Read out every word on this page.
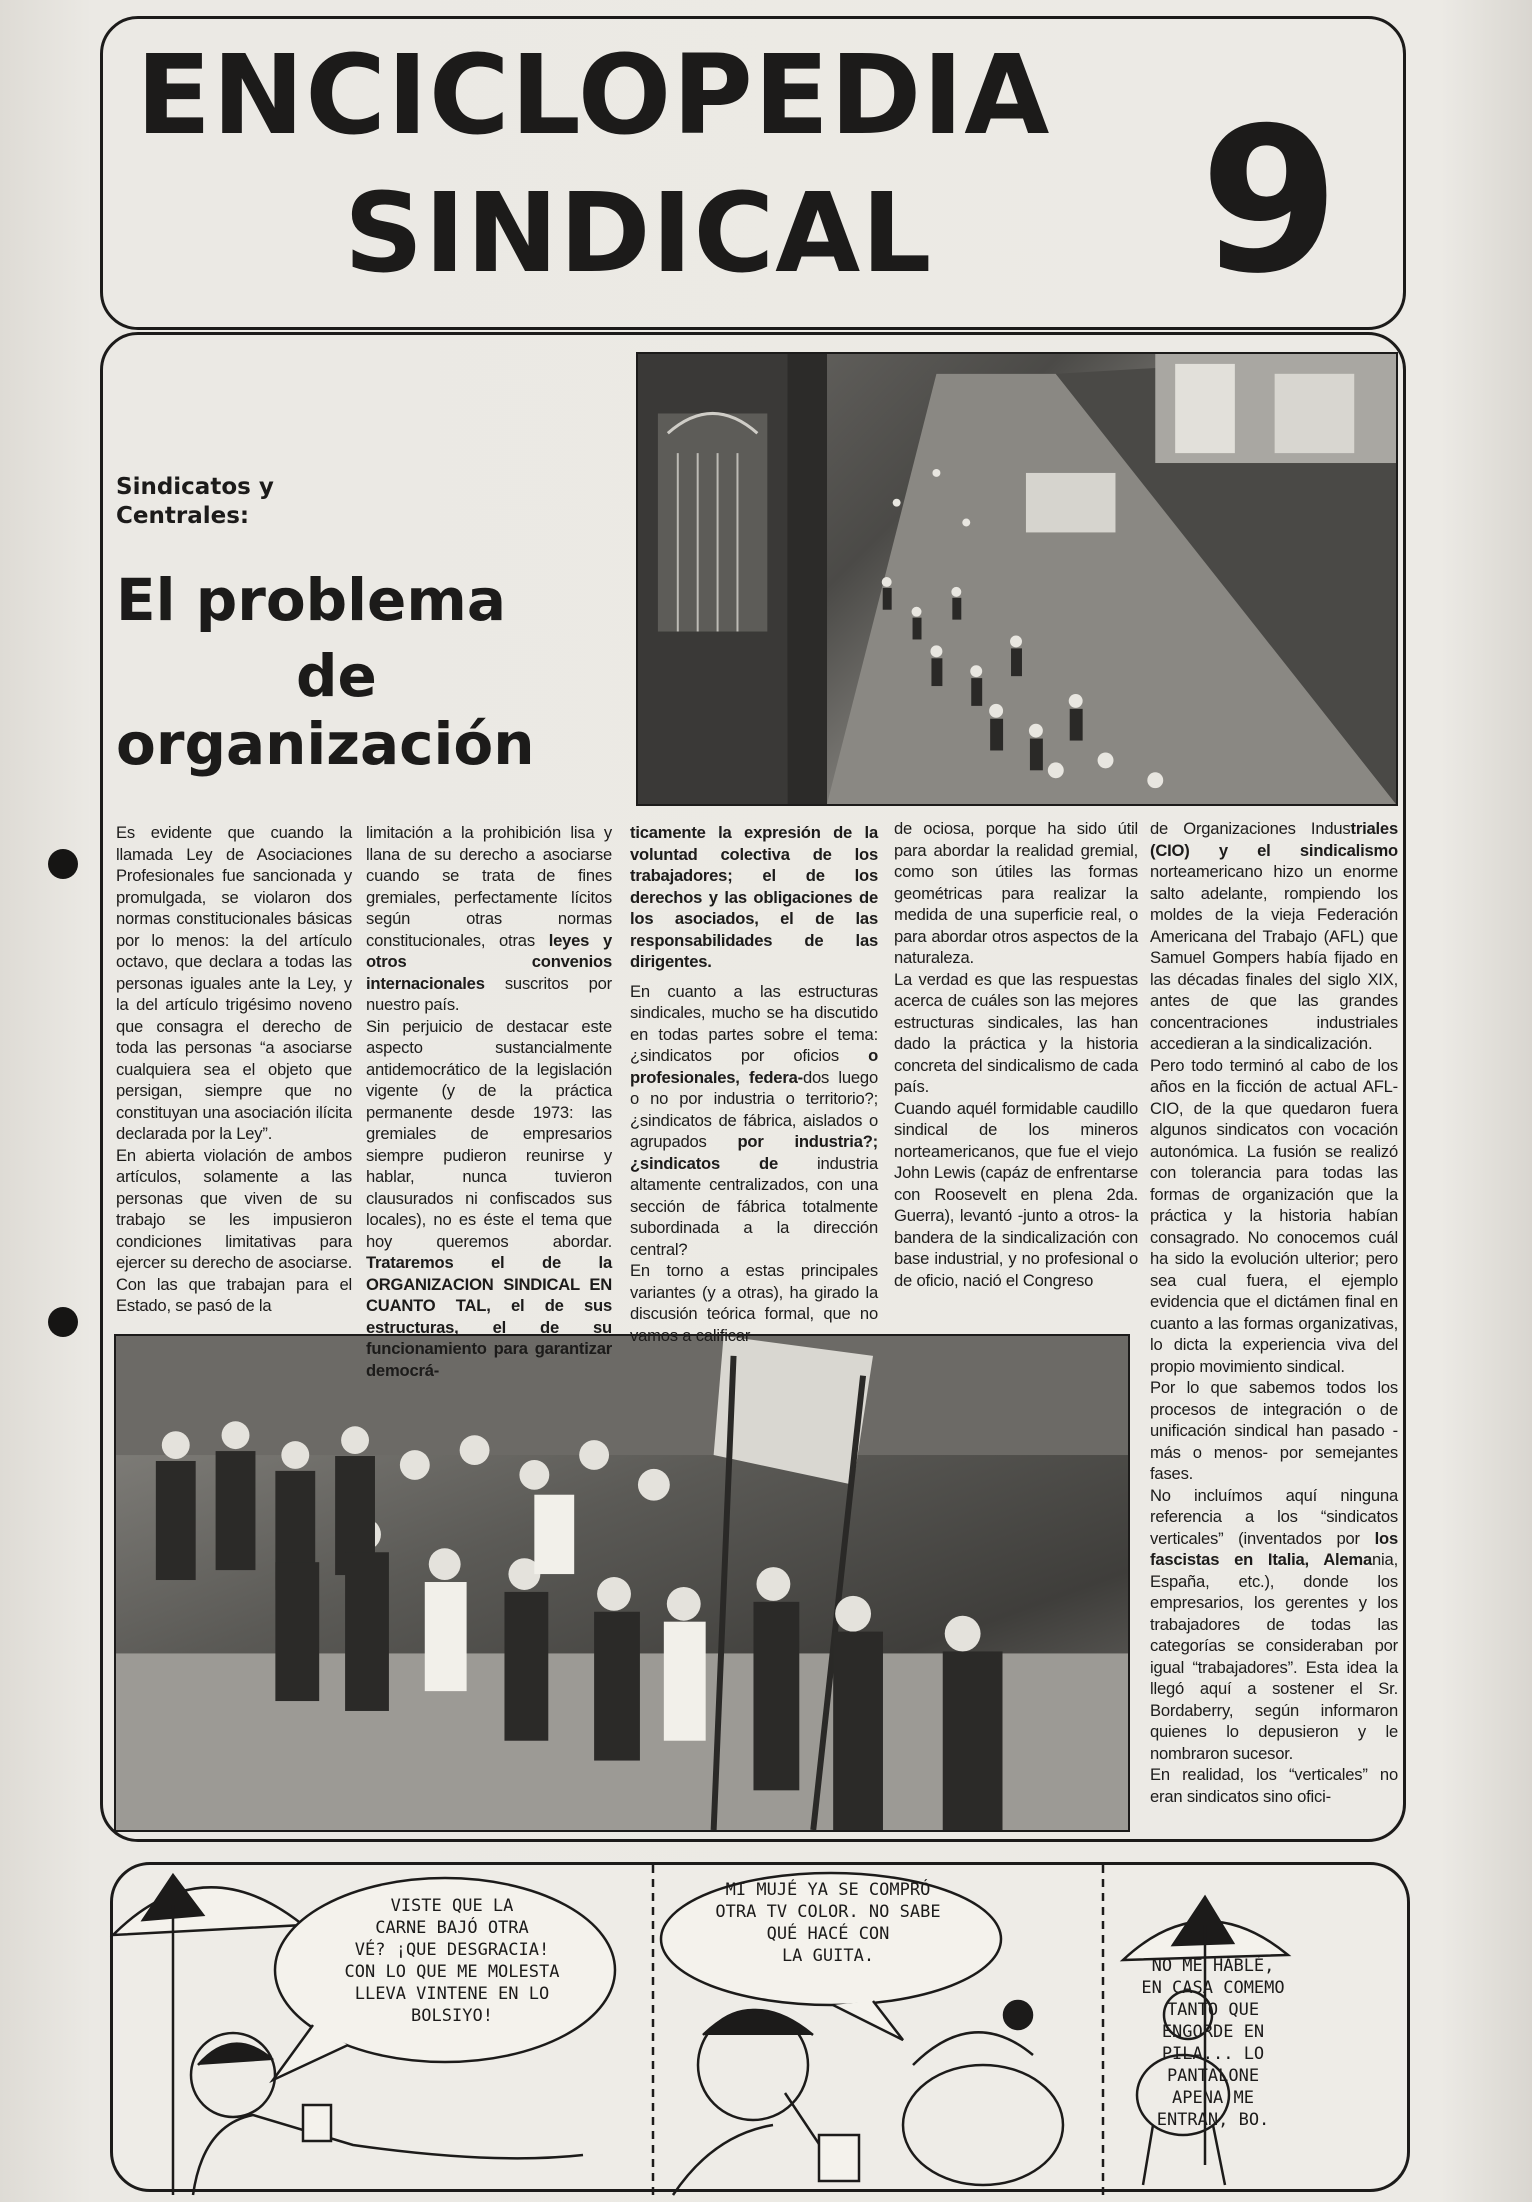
ENCICLOPEDIA
SINDICAL 9
Sindicatos y
Centrales:
El problema
de
organización

Es evidente que cuando la llamada Ley de Asociaciones Profesionales fue sancionada y promulgada, se violaron dos normas constitucionales básicas por lo menos: la del artículo octavo, que declara a todas las personas iguales ante la Ley, y la del artículo trigésimo noveno que consagra el derecho de toda las personas “a asociarse cualquiera sea el objeto que persigan, siempre que no constituyan una asociación ilícita declarada por la Ley”.

En abierta violación de ambos artículos, solamente a las personas que viven de su trabajo se les impusieron condiciones limitativas para ejercer su derecho de asociarse. Con las que trabajan para el Estado, se pasó de la

limitación a la prohibición lisa y llana de su derecho a asociarse cuando se trata de fines gremiales, perfectamente lícitos según otras normas constitucionales, otras leyes y otros convenios internacionales suscritos por nuestro país.

Sin perjuicio de destacar este aspecto sustancialmente antidemocrático de la legislación vigente (y de la práctica permanente desde 1973: las gremiales de empresarios siempre pudieron reunirse y hablar, nunca tuvieron clausurados ni confiscados sus locales), no es éste el tema que hoy queremos abordar. Trataremos el de la ORGANIZACION SINDICAL EN CUANTO TAL, el de sus estructuras, el de su funcionamiento para garantizar democrá-

ticamente la expresión de la voluntad colectiva de los trabajadores; el de los derechos y las obligaciones de los asociados, el de las responsabilidades de las dirigentes.

En cuanto a las estructuras sindicales, mucho se ha discutido en todas partes sobre el tema: ¿sindicatos por oficios o profesionales, federa-dos luego o no por industria o territorio?; ¿sindicatos de fábrica, aislados o agrupados por industria?; ¿sindicatos de industria altamente centralizados, con una sección de fábrica totalmente subordinada a la dirección central?

En torno a estas principales variantes (y a otras), ha girado la discusión teórica formal, que no vamos a calificar

de ociosa, porque ha sido útil para abordar la realidad gremial, como son útiles las formas geométricas para realizar la medida de una superficie real, o para abordar otros aspectos de la naturaleza.

La verdad es que las respuestas acerca de cuáles son las mejores estructuras sindicales, las han dado la práctica y la historia concreta del sindicalismo de cada país.

Cuando aquél formidable caudillo sindical de los mineros norteamericanos, que fue el viejo John Lewis (capáz de enfrentarse con Roosevelt en plena 2da. Guerra), levantó -junto a otros- la bandera de la sindicalización con base industrial, y no profesional o de oficio, nació el Congreso

de Organizaciones Industriales (CIO) y el sindicalismo norteamericano hizo un enorme salto adelante, rompiendo los moldes de la vieja Federación Americana del Trabajo (AFL) que Samuel Gompers había fijado en las décadas finales del siglo XIX, antes de que las grandes concentraciones industriales accedieran a la sindicalización.

Pero todo terminó al cabo de los años en la ficción de actual AFL-CIO, de la que quedaron fuera algunos sindicatos con vocación autonómica. La fusión se realizó con tolerancia para todas las formas de organización que la práctica y la historia habían consagrado. No conocemos cuál ha sido la evolución ulterior; pero sea cual fuera, el ejemplo evidencia que el dictámen final en cuanto a las formas organizativas, lo dicta la experiencia viva del propio movimiento sindical.

Por lo que sabemos todos los procesos de integración o de unificación sindical han pasado -más o menos- por semejantes fases.

No incluímos aquí ninguna referencia a los “sindicatos verticales” (inventados por los fascistas en Italia, Alemania, España, etc.), donde los empresarios, los gerentes y los trabajadores de todas las categorías se consideraban por igual “trabajadores”. Esta idea la llegó aquí a sostener el Sr. Bordaberry, según informaron quienes lo depusieron y le nombraron sucesor.

En realidad, los “verticales” no eran sindicatos sino ofici-

VISTE QUE LA
CARNE BAJÓ OTRA
VÉ? ¡QUE DESGRACIA!
CON LO QUE ME MOLESTA
LLEVA VINTENE EN LO
BOLSIYO!
MI MUJÉ YA SE COMPRÓ
OTRA TV COLOR. NO SABE
QUÉ HACÉ CON
LA GUITA.	NO ME HABLÉ,
EN CASA COMEMO
TANTO QUE
ENGORDE EN
PILA... LO
PANTALONE
APENA ME
ENTRAN, BO.
